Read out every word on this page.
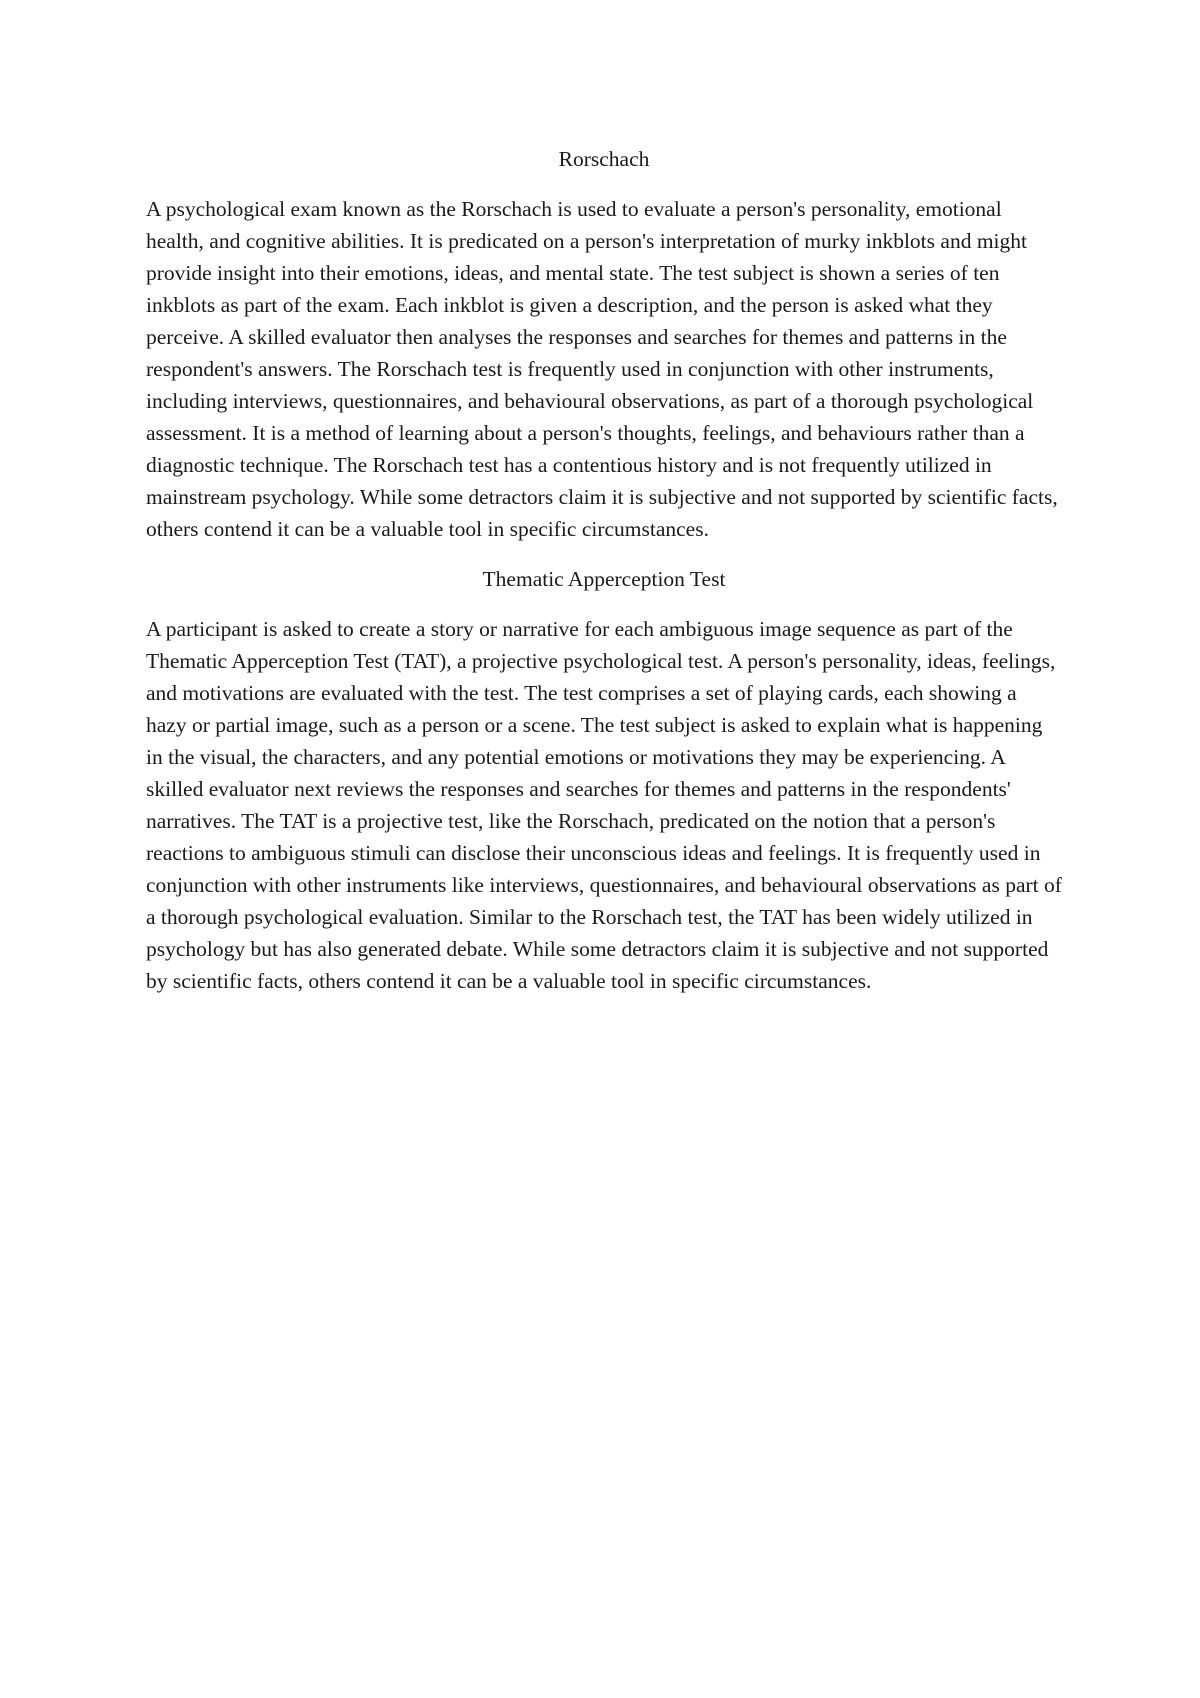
Rorschach

A psychological exam known as the Rorschach is used to evaluate a person's personality, emotional health, and cognitive abilities. It is predicated on a person's interpretation of murky inkblots and might provide insight into their emotions, ideas, and mental state. The test subject is shown a series of ten inkblots as part of the exam. Each inkblot is given a description, and the person is asked what they perceive. A skilled evaluator then analyses the responses and searches for themes and patterns in the respondent's answers. The Rorschach test is frequently used in conjunction with other instruments, including interviews, questionnaires, and behavioural observations, as part of a thorough psychological assessment. It is a method of learning about a person's thoughts, feelings, and behaviours rather than a diagnostic technique. The Rorschach test has a contentious history and is not frequently utilized in mainstream psychology. While some detractors claim it is subjective and not supported by scientific facts, others contend it can be a valuable tool in specific circumstances.

Thematic Apperception Test

A participant is asked to create a story or narrative for each ambiguous image sequence as part of the Thematic Apperception Test (TAT), a projective psychological test. A person's personality, ideas, feelings, and motivations are evaluated with the test. The test comprises a set of playing cards, each showing a hazy or partial image, such as a person or a scene. The test subject is asked to explain what is happening in the visual, the characters, and any potential emotions or motivations they may be experiencing. A skilled evaluator next reviews the responses and searches for themes and patterns in the respondents' narratives. The TAT is a projective test, like the Rorschach, predicated on the notion that a person's reactions to ambiguous stimuli can disclose their unconscious ideas and feelings. It is frequently used in conjunction with other instruments like interviews, questionnaires, and behavioural observations as part of a thorough psychological evaluation. Similar to the Rorschach test, the TAT has been widely utilized in psychology but has also generated debate. While some detractors claim it is subjective and not supported by scientific facts, others contend it can be a valuable tool in specific circumstances.
